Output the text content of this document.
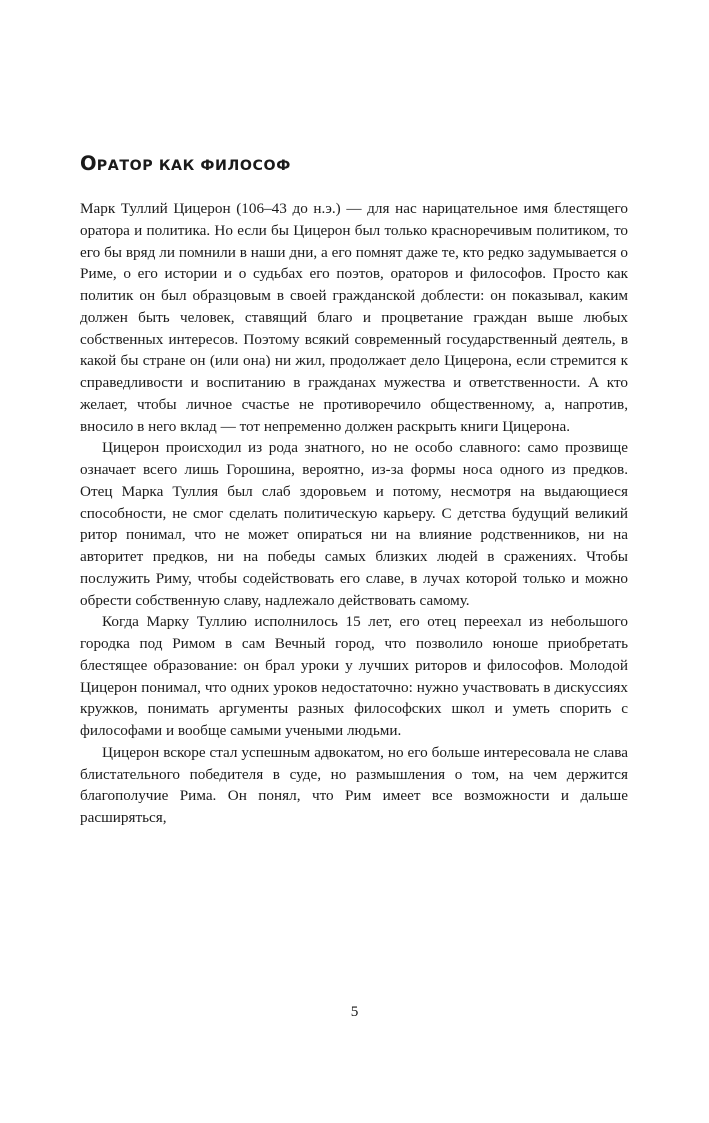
ОРАТОР КАК ФИЛОСОФ

Марк Туллий Цицерон (106–43 до н.э.) — для нас нарицательное имя блестящего оратора и политика. Но если бы Цицерон был только красноречивым политиком, то его бы вряд ли помнили в наши дни, а его помнят даже те, кто редко задумывается о Риме, о его истории и о судьбах его поэтов, ораторов и философов. Просто как политик он был образцовым в своей гражданской доблести: он показывал, каким должен быть человек, ставящий благо и процветание граждан выше любых собственных интересов. Поэтому всякий современный государственный деятель, в какой бы стране он (или она) ни жил, продолжает дело Цицерона, если стремится к справедливости и воспитанию в гражданах мужества и ответственности. А кто желает, чтобы личное счастье не противоречило общественному, а, напротив, вносило в него вклад — тот непременно должен раскрыть книги Цицерона.

Цицерон происходил из рода знатного, но не особо славного: само прозвище означает всего лишь Горошина, вероятно, из-за формы носа одного из предков. Отец Марка Туллия был слаб здоровьем и потому, несмотря на выдающиеся способности, не смог сделать политическую карьеру. С детства будущий великий ритор понимал, что не может опираться ни на влияние родственников, ни на авторитет предков, ни на победы самых близких людей в сражениях. Чтобы послужить Риму, чтобы содействовать его славе, в лучах которой только и можно обрести собственную славу, надлежало действовать самому.

Когда Марку Туллию исполнилось 15 лет, его отец переехал из небольшого городка под Римом в сам Вечный город, что позволило юноше приобретать блестящее образование: он брал уроки у лучших риторов и философов. Молодой Цицерон понимал, что одних уроков недостаточно: нужно участвовать в дискуссиях кружков, понимать аргументы разных философских школ и уметь спорить с философами и вообще самыми учеными людьми.

Цицерон вскоре стал успешным адвокатом, но его больше интересовала не слава блистательного победителя в суде, но размышления о том, на чем держится благополучие Рима. Он понял, что Рим имеет все возможности и дальше расширяться,

5
